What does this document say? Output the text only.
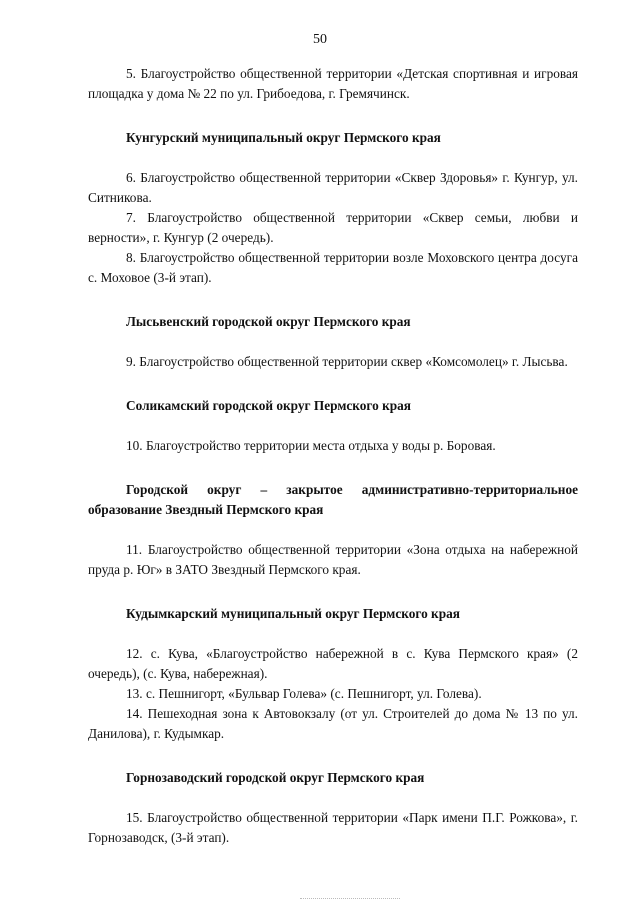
50

5. Благоустройство общественной территории «Детская спортивная и игровая площадка у дома № 22 по ул. Грибоедова, г. Гремячинск.

Кунгурский муниципальный округ Пермского края

6. Благоустройство общественной территории «Сквер Здоровья» г. Кунгур, ул. Ситникова.

7. Благоустройство общественной территории «Сквер семьи, любви и верности», г. Кунгур (2 очередь).

8. Благоустройство общественной территории возле Моховского центра досуга с. Моховое (3-й этап).

Лысьвенский городской округ Пермского края

9. Благоустройство общественной территории сквер «Комсомолец» г. Лысьва.

Соликамский городской округ Пермского края

10. Благоустройство территории места отдыха у воды р. Боровая.

Городской округ – закрытое административно-территориальное образование Звездный Пермского края

11. Благоустройство общественной территории «Зона отдыха на набережной пруда р. Юг» в ЗАТО Звездный Пермского края.

Кудымкарский муниципальный округ Пермского края

12. с. Кува, «Благоустройство набережной в с. Кува Пермского края» (2 очередь), (с. Кува, набережная).

13. с. Пешнигорт, «Бульвар Голева» (с. Пешнигорт, ул. Голева).

14. Пешеходная зона к Автовокзалу (от ул. Строителей до дома № 13 по ул. Данилова), г. Кудымкар.

Горнозаводский городской округ Пермского края

15. Благоустройство общественной территории «Парк имени П.Г. Рожкова», г. Горнозаводск, (3-й этап).
